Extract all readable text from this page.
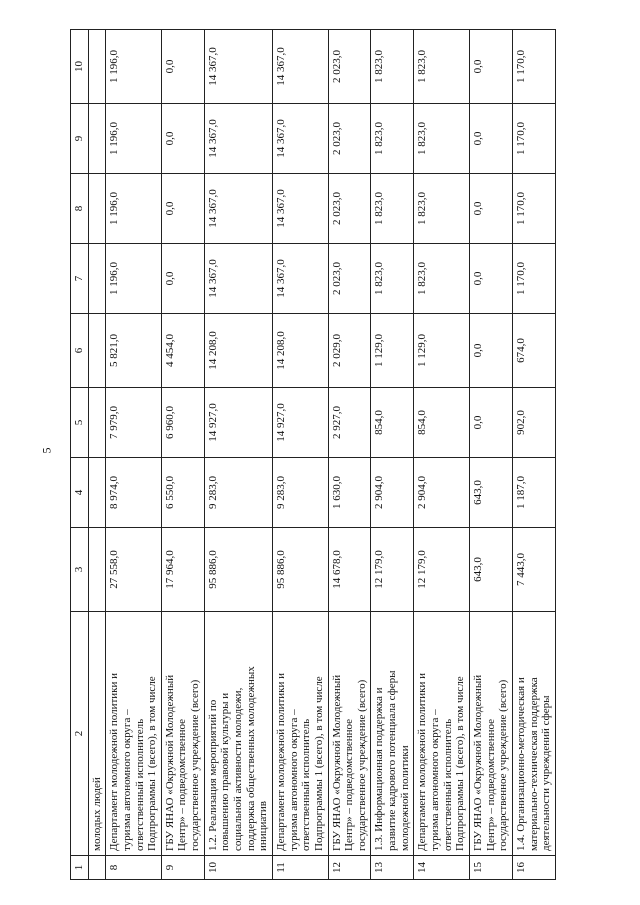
5
1	2	3	4	5	6	7	8	9	10
	молодых людей								
8	Департамент молодежной политики и туризма автономного округа – ответственный исполнитель Подпрограммы 1 (всего), в том числе	27 558,0	8 974,0	7 979,0	5 821,0	1 196,0	1 196,0	1 196,0	1 196,0
9	ГБУ ЯНАО «Окружной Молодежный Центр» – подведомственное государственное учреждение (всего)	17 964,0	6 550,0	6 960,0	4 454,0	0,0	0,0	0,0	0,0
10	1.2. Реализация мероприятий по повышению правовой культуры и социальной активности молодежи, поддержка общественных молодежных инициатив	95 886,0	9 283,0	14 927,0	14 208,0	14 367,0	14 367,0	14 367,0	14 367,0
11	Департамент молодежной политики и туризма автономного округа – ответственный исполнитель Подпрограммы 1 (всего), в том числе	95 886,0	9 283,0	14 927,0	14 208,0	14 367,0	14 367,0	14 367,0	14 367,0
12	ГБУ ЯНАО «Окружной Молодежный Центр» – подведомственное государственное учреждение (всего)	14 678,0	1 630,0	2 927,0	2 029,0	2 023,0	2 023,0	2 023,0	2 023,0
13	1.3. Информационная поддержка и развитие кадрового потенциала сферы молодежной политики	12 179,0	2 904,0	854,0	1 129,0	1 823,0	1 823,0	1 823,0	1 823,0
14	Департамент молодежной политики и туризма автономного округа – ответственный исполнитель Подпрограммы 1 (всего), в том числе	12 179,0	2 904,0	854,0	1 129,0	1 823,0	1 823,0	1 823,0	1 823,0
15	ГБУ ЯНАО «Окружной Молодежный Центр» – подведомственное государственное учреждение (всего)	643,0	643,0	0,0	0,0	0,0	0,0	0,0	0,0
16	1.4. Организационно-методическая и материально-техническая поддержка деятельности учреждений сферы	7 443,0	1 187,0	902,0	674,0	1 170,0	1 170,0	1 170,0	1 170,0
